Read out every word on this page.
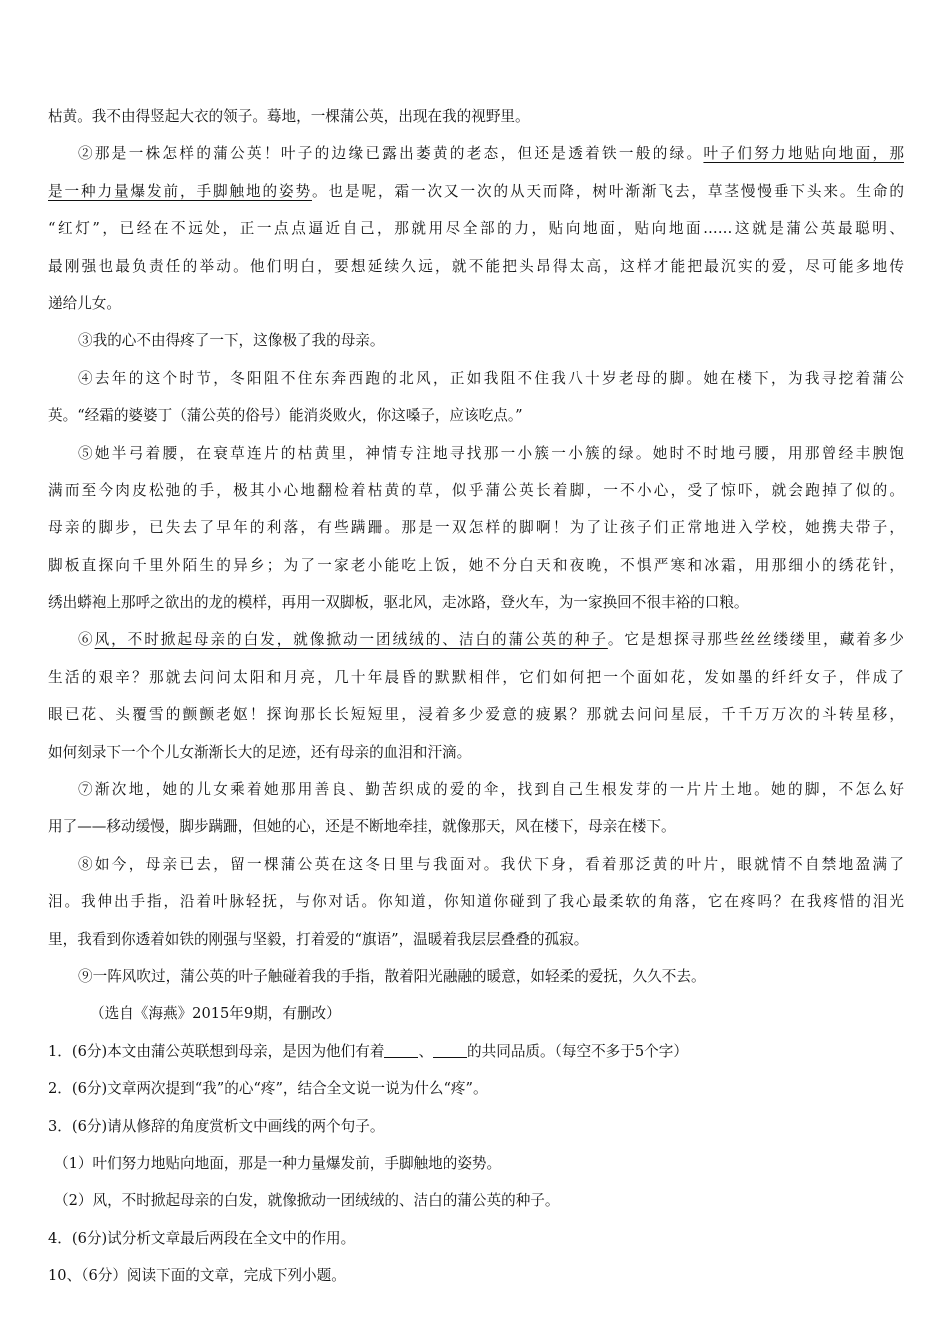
枯黄。我不由得竖起大衣的领子。蓦地，一棵蒲公英，出现在我的视野里。
②那是一株怎样的蒲公英！叶子的边缘已露出萎黄的老态，但还是透着铁一般的绿。叶子们努力地贴向地面，那
是一种力量爆发前，手脚触地的姿势。也是呢，霜一次又一次的从天而降，树叶渐渐飞去，草茎慢慢垂下头来。生命的
“红灯”，已经在不远处，正一点点逼近自己，那就用尽全部的力，贴向地面，贴向地面……这就是蒲公英最聪明、
最刚强也最负责任的举动。他们明白，要想延续久远，就不能把头昂得太高，这样才能把最沉实的爱，尽可能多地传
递给儿女。
③我的心不由得疼了一下，这像极了我的母亲。
④去年的这个时节，冬阳阻不住东奔西跑的北风，正如我阻不住我八十岁老母的脚。她在楼下，为我寻挖着蒲公
英。“经霜的婆婆丁（蒲公英的俗号）能消炎败火，你这嗓子，应该吃点。”
⑤她半弓着腰，在衰草连片的枯黄里，神情专注地寻找那一小簇一小簇的绿。她时不时地弓腰，用那曾经丰腴饱
满而至今肉皮松弛的手，极其小心地翻检着枯黄的草，似乎蒲公英长着脚，一不小心，受了惊吓，就会跑掉了似的。
母亲的脚步，已失去了早年的利落，有些蹒跚。那是一双怎样的脚啊！为了让孩子们正常地进入学校，她携夫带子，
脚板直探向千里外陌生的异乡；为了一家老小能吃上饭，她不分白天和夜晚，不惧严寒和冰霜，用那细小的绣花针，
绣出蟒袍上那呼之欲出的龙的模样，再用一双脚板，驱北风，走冰路，登火车，为一家换回不很丰裕的口粮。
⑥风，不时掀起母亲的白发，就像掀动一团绒绒的、洁白的蒲公英的种子。它是想探寻那些丝丝缕缕里，藏着多少
生活的艰辛？那就去问问太阳和月亮，几十年晨昏的默默相伴，它们如何把一个面如花，发如墨的纤纤女子，伴成了
眼已花、头覆雪的颤颤老妪！探询那长长短短里，浸着多少爱意的疲累？那就去问问星辰，千千万万次的斗转星移，
如何刻录下一个个儿女渐渐长大的足迹，还有母亲的血泪和汗滴。
⑦渐次地，她的儿女乘着她那用善良、勤苦织成的爱的伞，找到自己生根发芽的一片片土地。她的脚，不怎么好
用了——移动缓慢，脚步蹒跚，但她的心，还是不断地牵挂，就像那天，风在楼下，母亲在楼下。
⑧如今，母亲已去，留一棵蒲公英在这冬日里与我面对。我伏下身，看着那泛黄的叶片，眼就情不自禁地盈满了
泪。我伸出手指，沿着叶脉轻抚，与你对话。你知道，你知道你碰到了我心最柔软的角落，它在疼吗？在我疼惜的泪光
里，我看到你透着如铁的刚强与坚毅，打着爱的“旗语”，温暖着我层层叠叠的孤寂。
⑨一阵风吹过，蒲公英的叶子触碰着我的手指，散着阳光融融的暖意，如轻柔的爱抚，久久不去。
（选自《海燕》2015年9期，有删改）
1．(6分)本文由蒲公英联想到母亲，是因为他们有着 、 的共同品质。（每空不多于5个字）
2．(6分)文章两次提到“我”的心“疼”，结合全文说一说为什么“疼”。
3．(6分)请从修辞的角度赏析文中画线的两个句子。
（1）叶们努力地贴向地面，那是一种力量爆发前，手脚触地的姿势。
（2）风，不时掀起母亲的白发，就像掀动一团绒绒的、洁白的蒲公英的种子。
4．(6分)试分析文章最后两段在全文中的作用。
10、（6分）阅读下面的文章，完成下列小题。
